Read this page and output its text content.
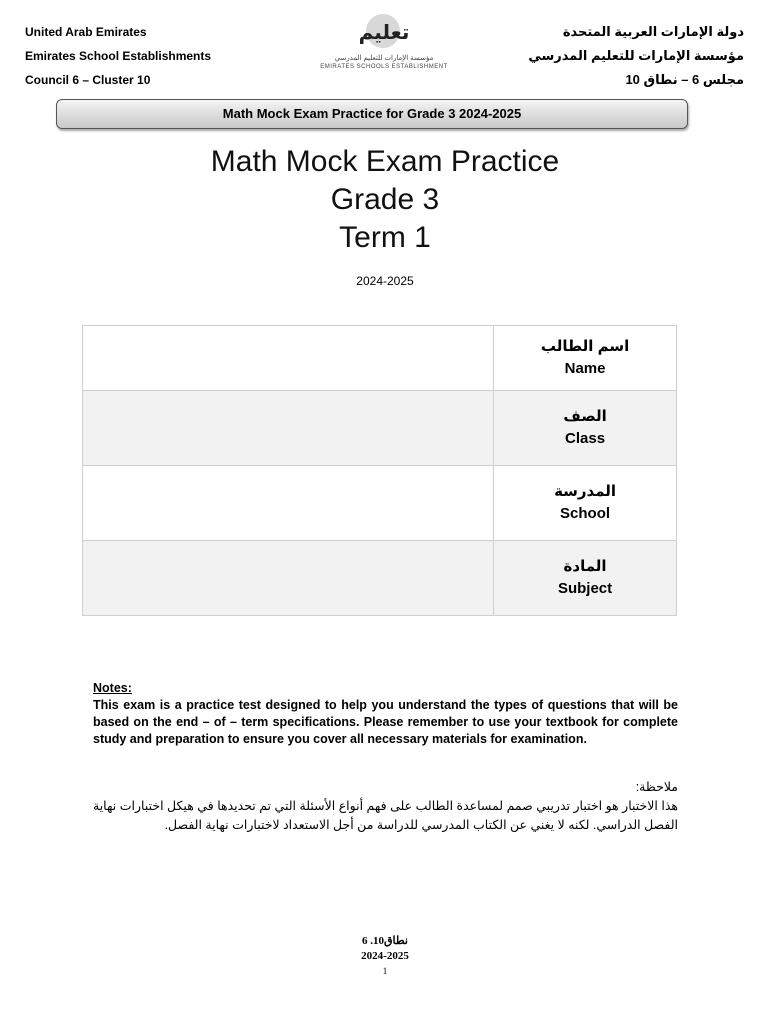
United Arab Emirates
Emirates School Establishments
Council 6 – Cluster 10
تعليم
مؤسسة الإمارات للتعليم المدرسي
EMIRATES SCHOOLS ESTABLISHMENT
دولة الإمارات العربية المتحدة
مؤسسة الإمارات للتعليم المدرسي
مجلس 6 – نطاق 10
Math Mock Exam Practice for Grade 3 2024-2025
Math Mock Exam Practice
Grade 3
Term 1
2024-2025

	اسم الطالب
Name

	الصف
Class

	المدرسة
School

	المادة
Subject
Notes:
This exam is a practice test designed to help you understand the types of questions that will be based on the end – of – term specifications. Please remember to use your textbook for complete study and preparation to ensure you cover all necessary materials for examination.
ملاحظة:
هذا الاختبار هو اختبار تدريبي صمم لمساعدة الطالب على فهم أنواع الأسئلة التي تم تحديدها في هيكل اختبارات نهاية الفصل الدراسي. لكنه لا يغني عن الكتاب المدرسي للدراسة من أجل الاستعداد لاختبارات نهاية الفصل.
نطاق10. 6
2024-2025
1
